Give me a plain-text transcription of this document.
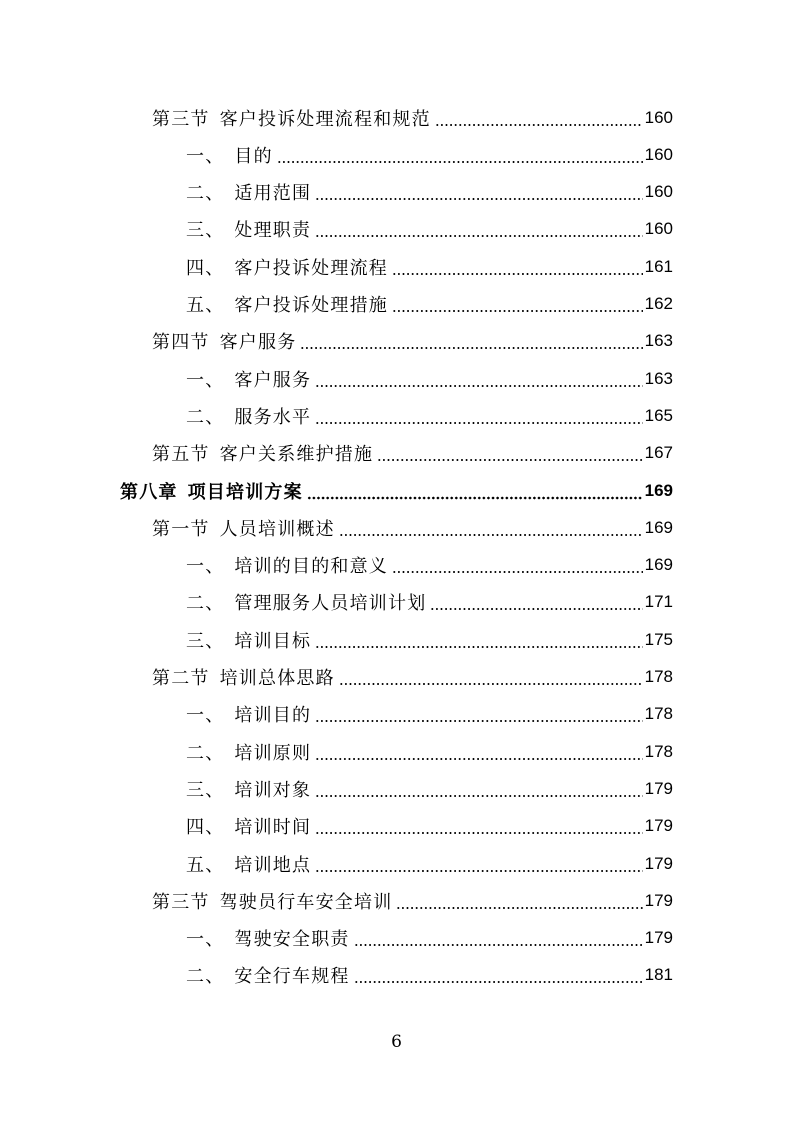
第三节 客户投诉处理流程和规范	160
一、 目的	160
二、 适用范围	160
三、 处理职责	160
四、 客户投诉处理流程	161
五、 客户投诉处理措施	162
第四节 客户服务	163
一、 客户服务	163
二、 服务水平	165
第五节 客户关系维护措施	167
第八章 项目培训方案	169
第一节 人员培训概述	169
一、 培训的目的和意义	169
二、 管理服务人员培训计划	171
三、 培训目标	175
第二节 培训总体思路	178
一、 培训目的	178
二、 培训原则	178
三、 培训对象	179
四、 培训时间	179
五、 培训地点	179
第三节 驾驶员行车安全培训	179
一、 驾驶安全职责	179
二、 安全行车规程	181
6
